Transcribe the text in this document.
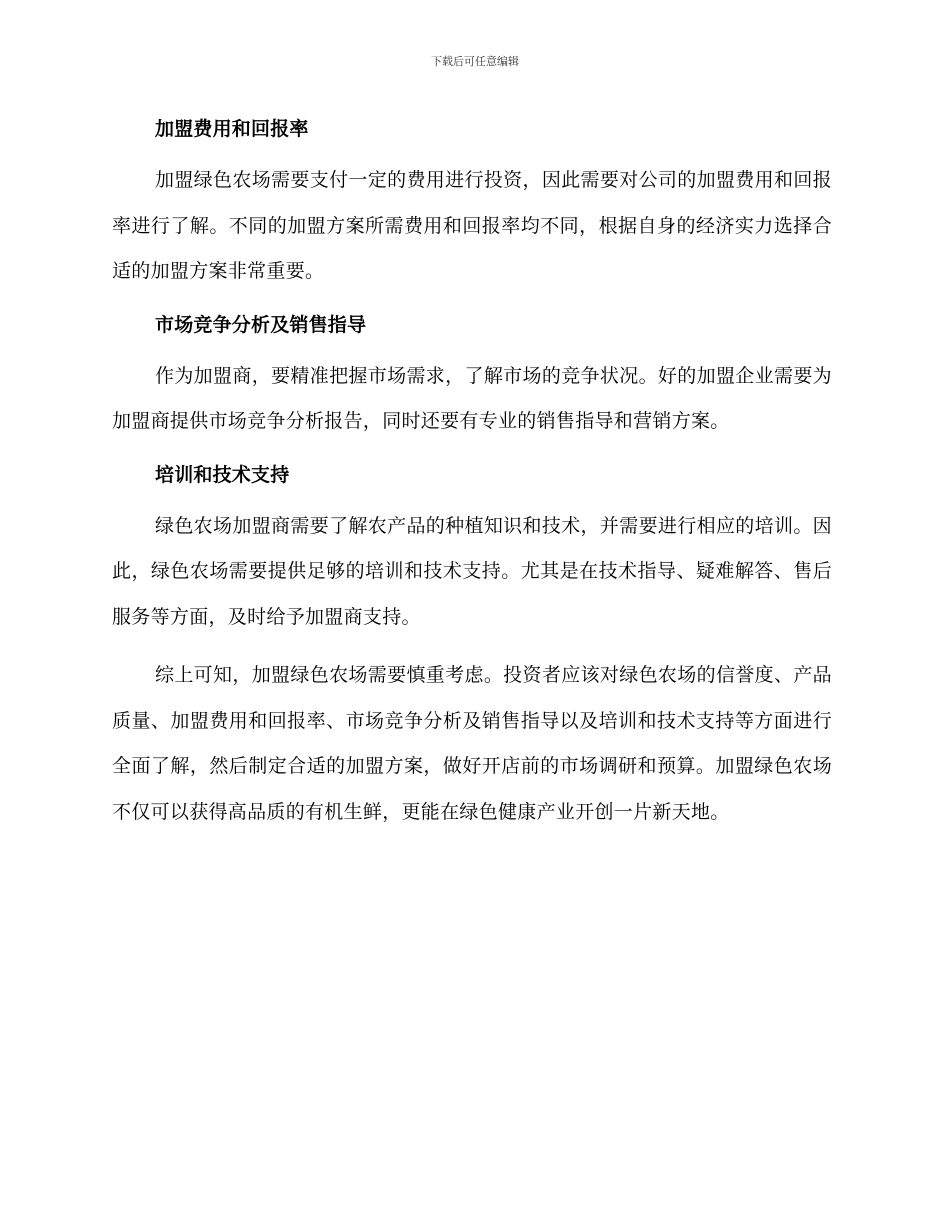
下载后可任意编辑
加盟费用和回报率

加盟绿色农场需要支付一定的费用进行投资，因此需要对公司的加盟费用和回报率进行了解。不同的加盟方案所需费用和回报率均不同，根据自身的经济实力选择合适的加盟方案非常重要。

市场竞争分析及销售指导

作为加盟商，要精准把握市场需求，了解市场的竞争状况。好的加盟企业需要为加盟商提供市场竞争分析报告，同时还要有专业的销售指导和营销方案。

培训和技术支持

绿色农场加盟商需要了解农产品的种植知识和技术，并需要进行相应的培训。因此，绿色农场需要提供足够的培训和技术支持。尤其是在技术指导、疑难解答、售后服务等方面，及时给予加盟商支持。

综上可知，加盟绿色农场需要慎重考虑。投资者应该对绿色农场的信誉度、产品质量、加盟费用和回报率、市场竞争分析及销售指导以及培训和技术支持等方面进行全面了解，然后制定合适的加盟方案，做好开店前的市场调研和预算。加盟绿色农场不仅可以获得高品质的有机生鲜，更能在绿色健康产业开创一片新天地。
